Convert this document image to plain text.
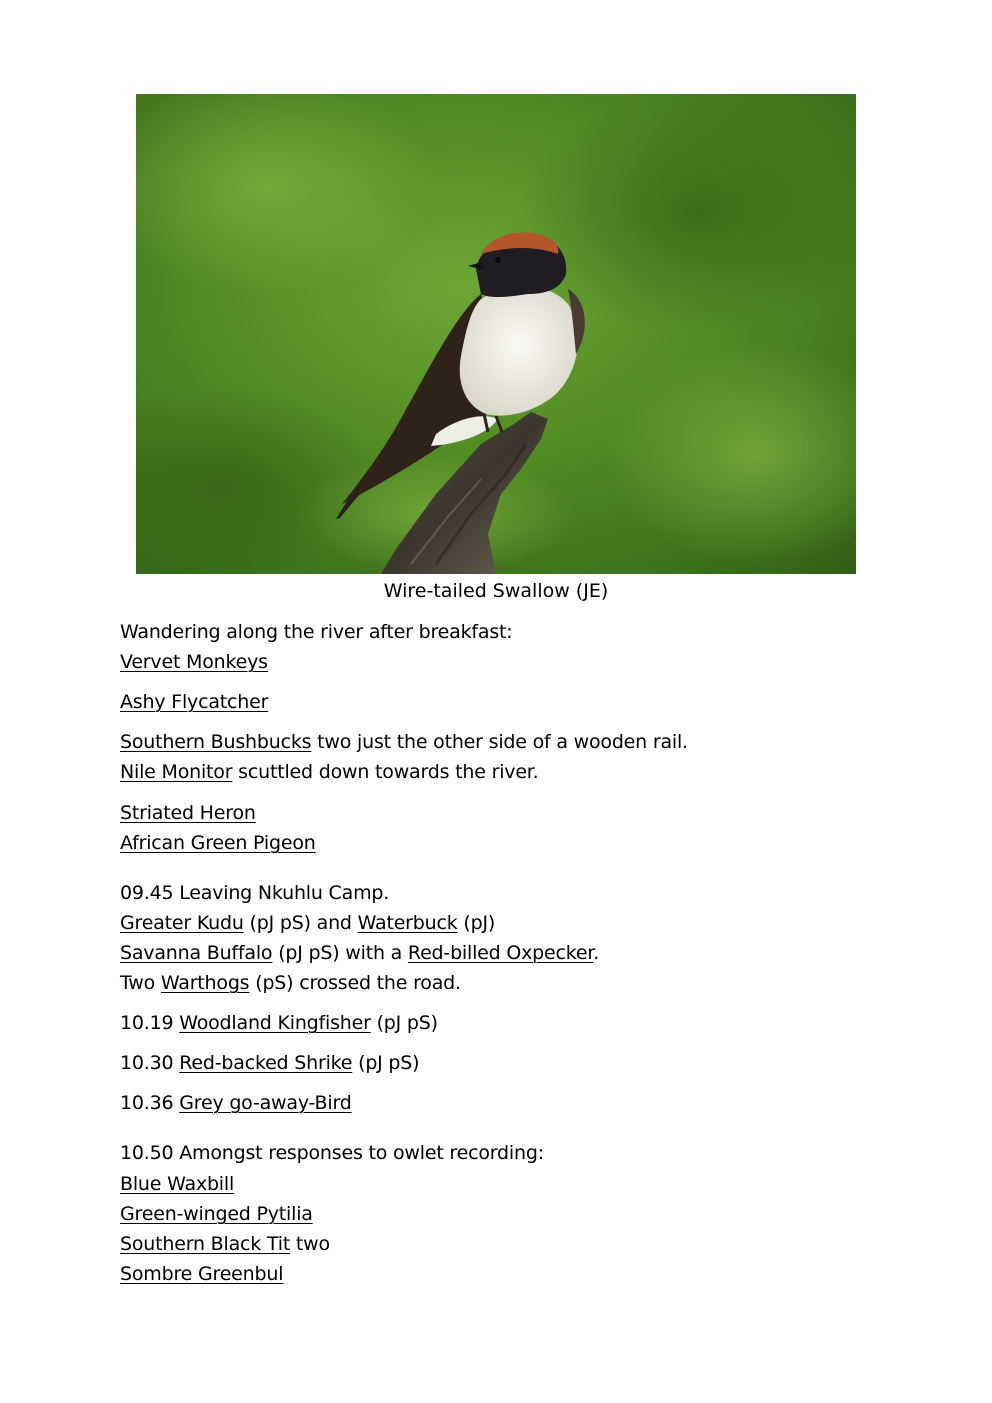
Wire-tailed Swallow (JE)
Wandering along the river after breakfast:
Vervet Monkeys
Ashy Flycatcher
Southern Bushbucks two just the other side of a wooden rail.
Nile Monitor scuttled down towards the river.
Striated Heron
African Green Pigeon
09.45 Leaving Nkuhlu Camp.
Greater Kudu (pJ pS) and Waterbuck (pJ)
Savanna Buffalo (pJ pS) with a Red-billed Oxpecker.
Two Warthogs (pS) crossed the road.
10.19 Woodland Kingfisher (pJ pS)
10.30 Red-backed Shrike (pJ pS)
10.36 Grey go-away-Bird
10.50 Amongst responses to owlet recording:
Blue Waxbill
Green-winged Pytilia
Southern Black Tit two
Sombre Greenbul
